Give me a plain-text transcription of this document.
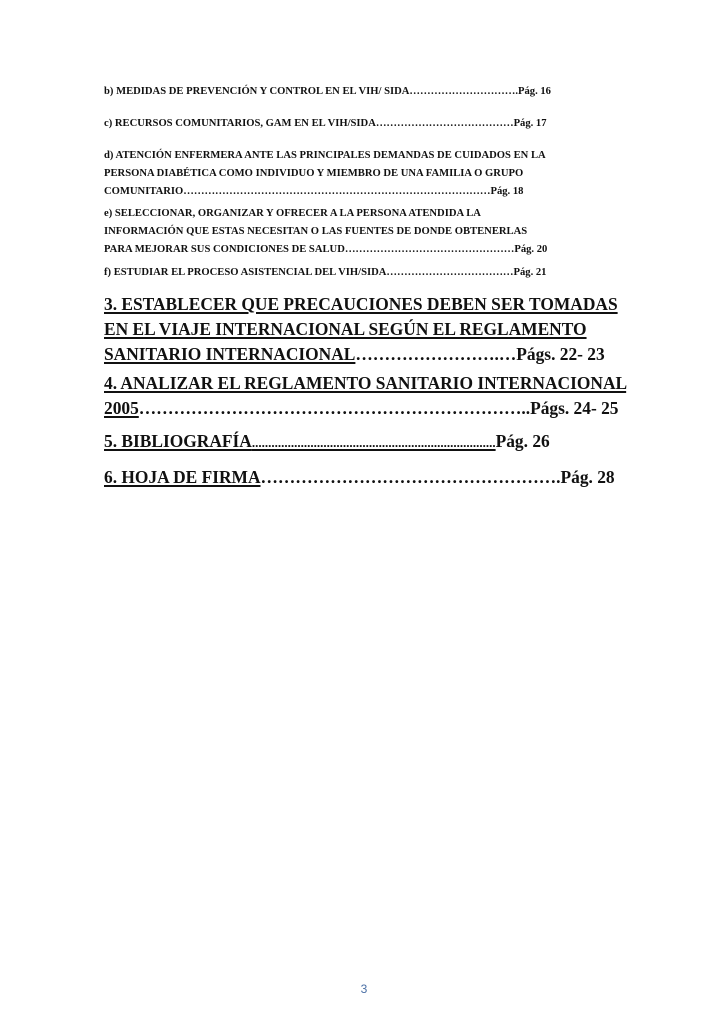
b) MEDIDAS DE PREVENCIÓN Y CONTROL EN EL VIH/ SIDA………………………….Pág. 16
c) RECURSOS COMUNITARIOS, GAM EN EL VIH/SIDA…………………………………Pág. 17
d) ATENCIÓN ENFERMERA ANTE LAS PRINCIPALES DEMANDAS DE CUIDADOS EN LA
PERSONA DIABÉTICA COMO INDIVIDUO Y MIEMBRO DE UNA FAMILIA O GRUPO
COMUNITARIO……………………………………………………………………………Pág. 18
e) SELECCIONAR, ORGANIZAR Y OFRECER A LA PERSONA ATENDIDA LA
INFORMACIÓN QUE ESTAS NECESITAN O LAS FUENTES DE DONDE OBTENERLAS
PARA MEJORAR SUS CONDICIONES DE SALUD…………………………………………Pág. 20
f) ESTUDIAR EL PROCESO ASISTENCIAL DEL VIH/SIDA………………………………Pág. 21
3. ESTABLECER QUE PRECAUCIONES DEBEN SER TOMADAS EN EL VIAJE INTERNACIONAL SEGÚN EL REGLAMENTO SANITARIO INTERNACIONAL…………………….…Págs. 22- 23
4. ANALIZAR EL REGLAMENTO SANITARIO INTERNACIONAL 2005…………………………………………………………..Págs. 24- 25
5. BIBLIOGRAFÍA...........................................................................Pág. 26
6. HOJA DE FIRMA…………………………………………….Pág. 28
3
